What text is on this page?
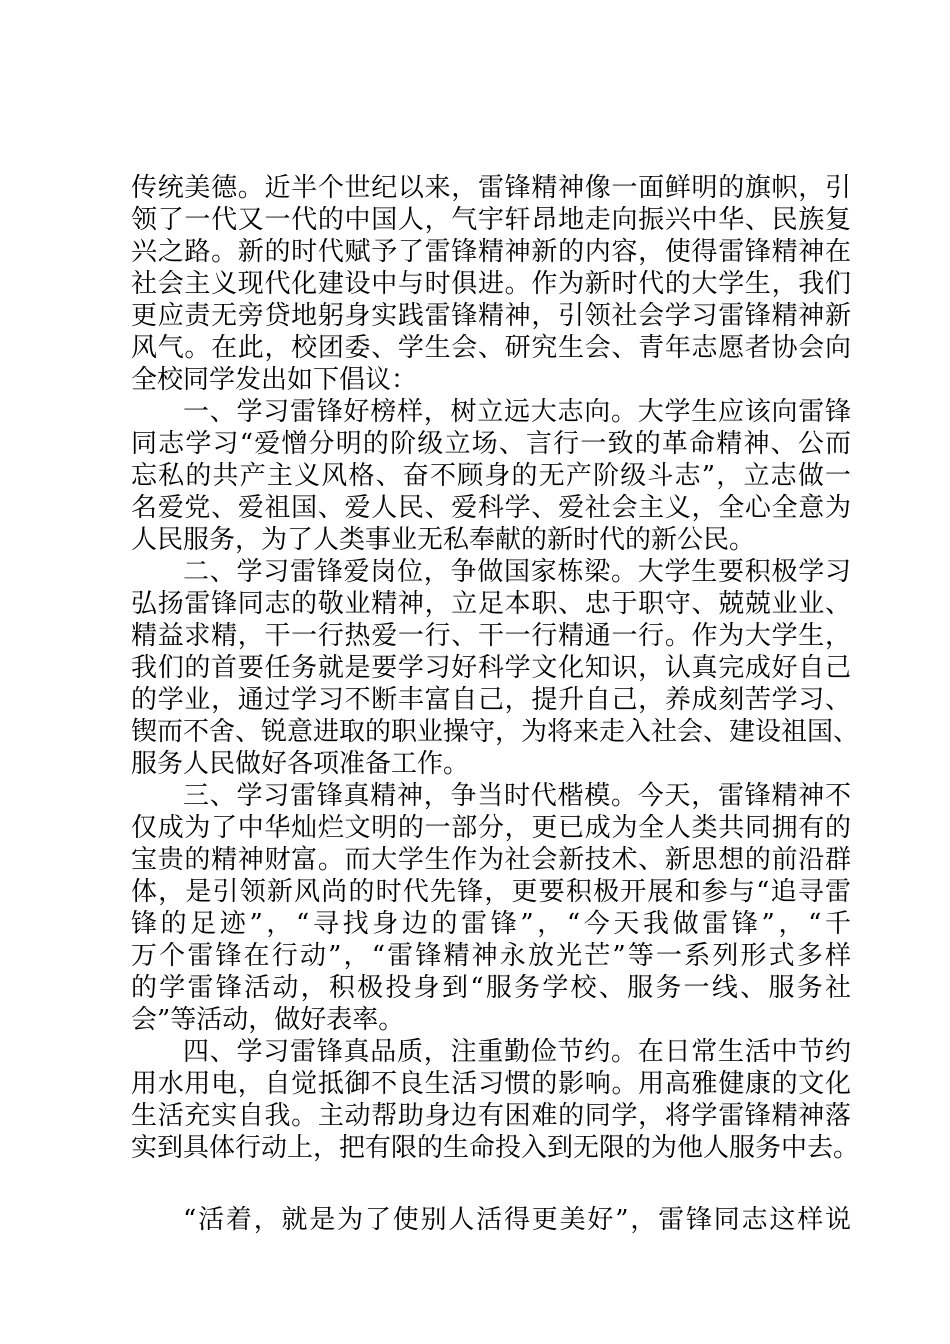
传统美德。近半个世纪以来，雷锋精神像一面鲜明的旗帜，引
领了一代又一代的中国人，气宇轩昂地走向振兴中华、民族复
兴之路。新的时代赋予了雷锋精神新的内容，使得雷锋精神在
社会主义现代化建设中与时俱进。作为新时代的大学生，我们
更应责无旁贷地躬身实践雷锋精神，引领社会学习雷锋精神新
风气。在此，校团委、学生会、研究生会、青年志愿者协会向
全校同学发出如下倡议：
一、学习雷锋好榜样，树立远大志向。大学生应该向雷锋
同志学习“爱憎分明的阶级立场、言行一致的革命精神、公而
忘私的共产主义风格、奋不顾身的无产阶级斗志”，立志做一
名爱党、爱祖国、爱人民、爱科学、爱社会主义，全心全意为
人民服务，为了人类事业无私奉献的新时代的新公民。
二、学习雷锋爱岗位，争做国家栋梁。大学生要积极学习
弘扬雷锋同志的敬业精神，立足本职、忠于职守、兢兢业业、
精益求精，干一行热爱一行、干一行精通一行。作为大学生，
我们的首要任务就是要学习好科学文化知识，认真完成好自己
的学业，通过学习不断丰富自己，提升自己，养成刻苦学习、
锲而不舍、锐意进取的职业操守，为将来走入社会、建设祖国、
服务人民做好各项准备工作。
三、学习雷锋真精神，争当时代楷模。今天，雷锋精神不
仅成为了中华灿烂文明的一部分，更已成为全人类共同拥有的
宝贵的精神财富。而大学生作为社会新技术、新思想的前沿群
体，是引领新风尚的时代先锋，更要积极开展和参与“追寻雷
锋的足迹”，“寻找身边的雷锋”，“今天我做雷锋”，“千
万个雷锋在行动”，“雷锋精神永放光芒”等一系列形式多样
的学雷锋活动，积极投身到“服务学校、服务一线、服务社
会”等活动，做好表率。
四、学习雷锋真品质，注重勤俭节约。在日常生活中节约
用水用电，自觉抵御不良生活习惯的影响。用高雅健康的文化
生活充实自我。主动帮助身边有困难的同学，将学雷锋精神落
实到具体行动上，把有限的生命投入到无限的为他人服务中去。
“活着，就是为了使别人活得更美好”，雷锋同志这样说
